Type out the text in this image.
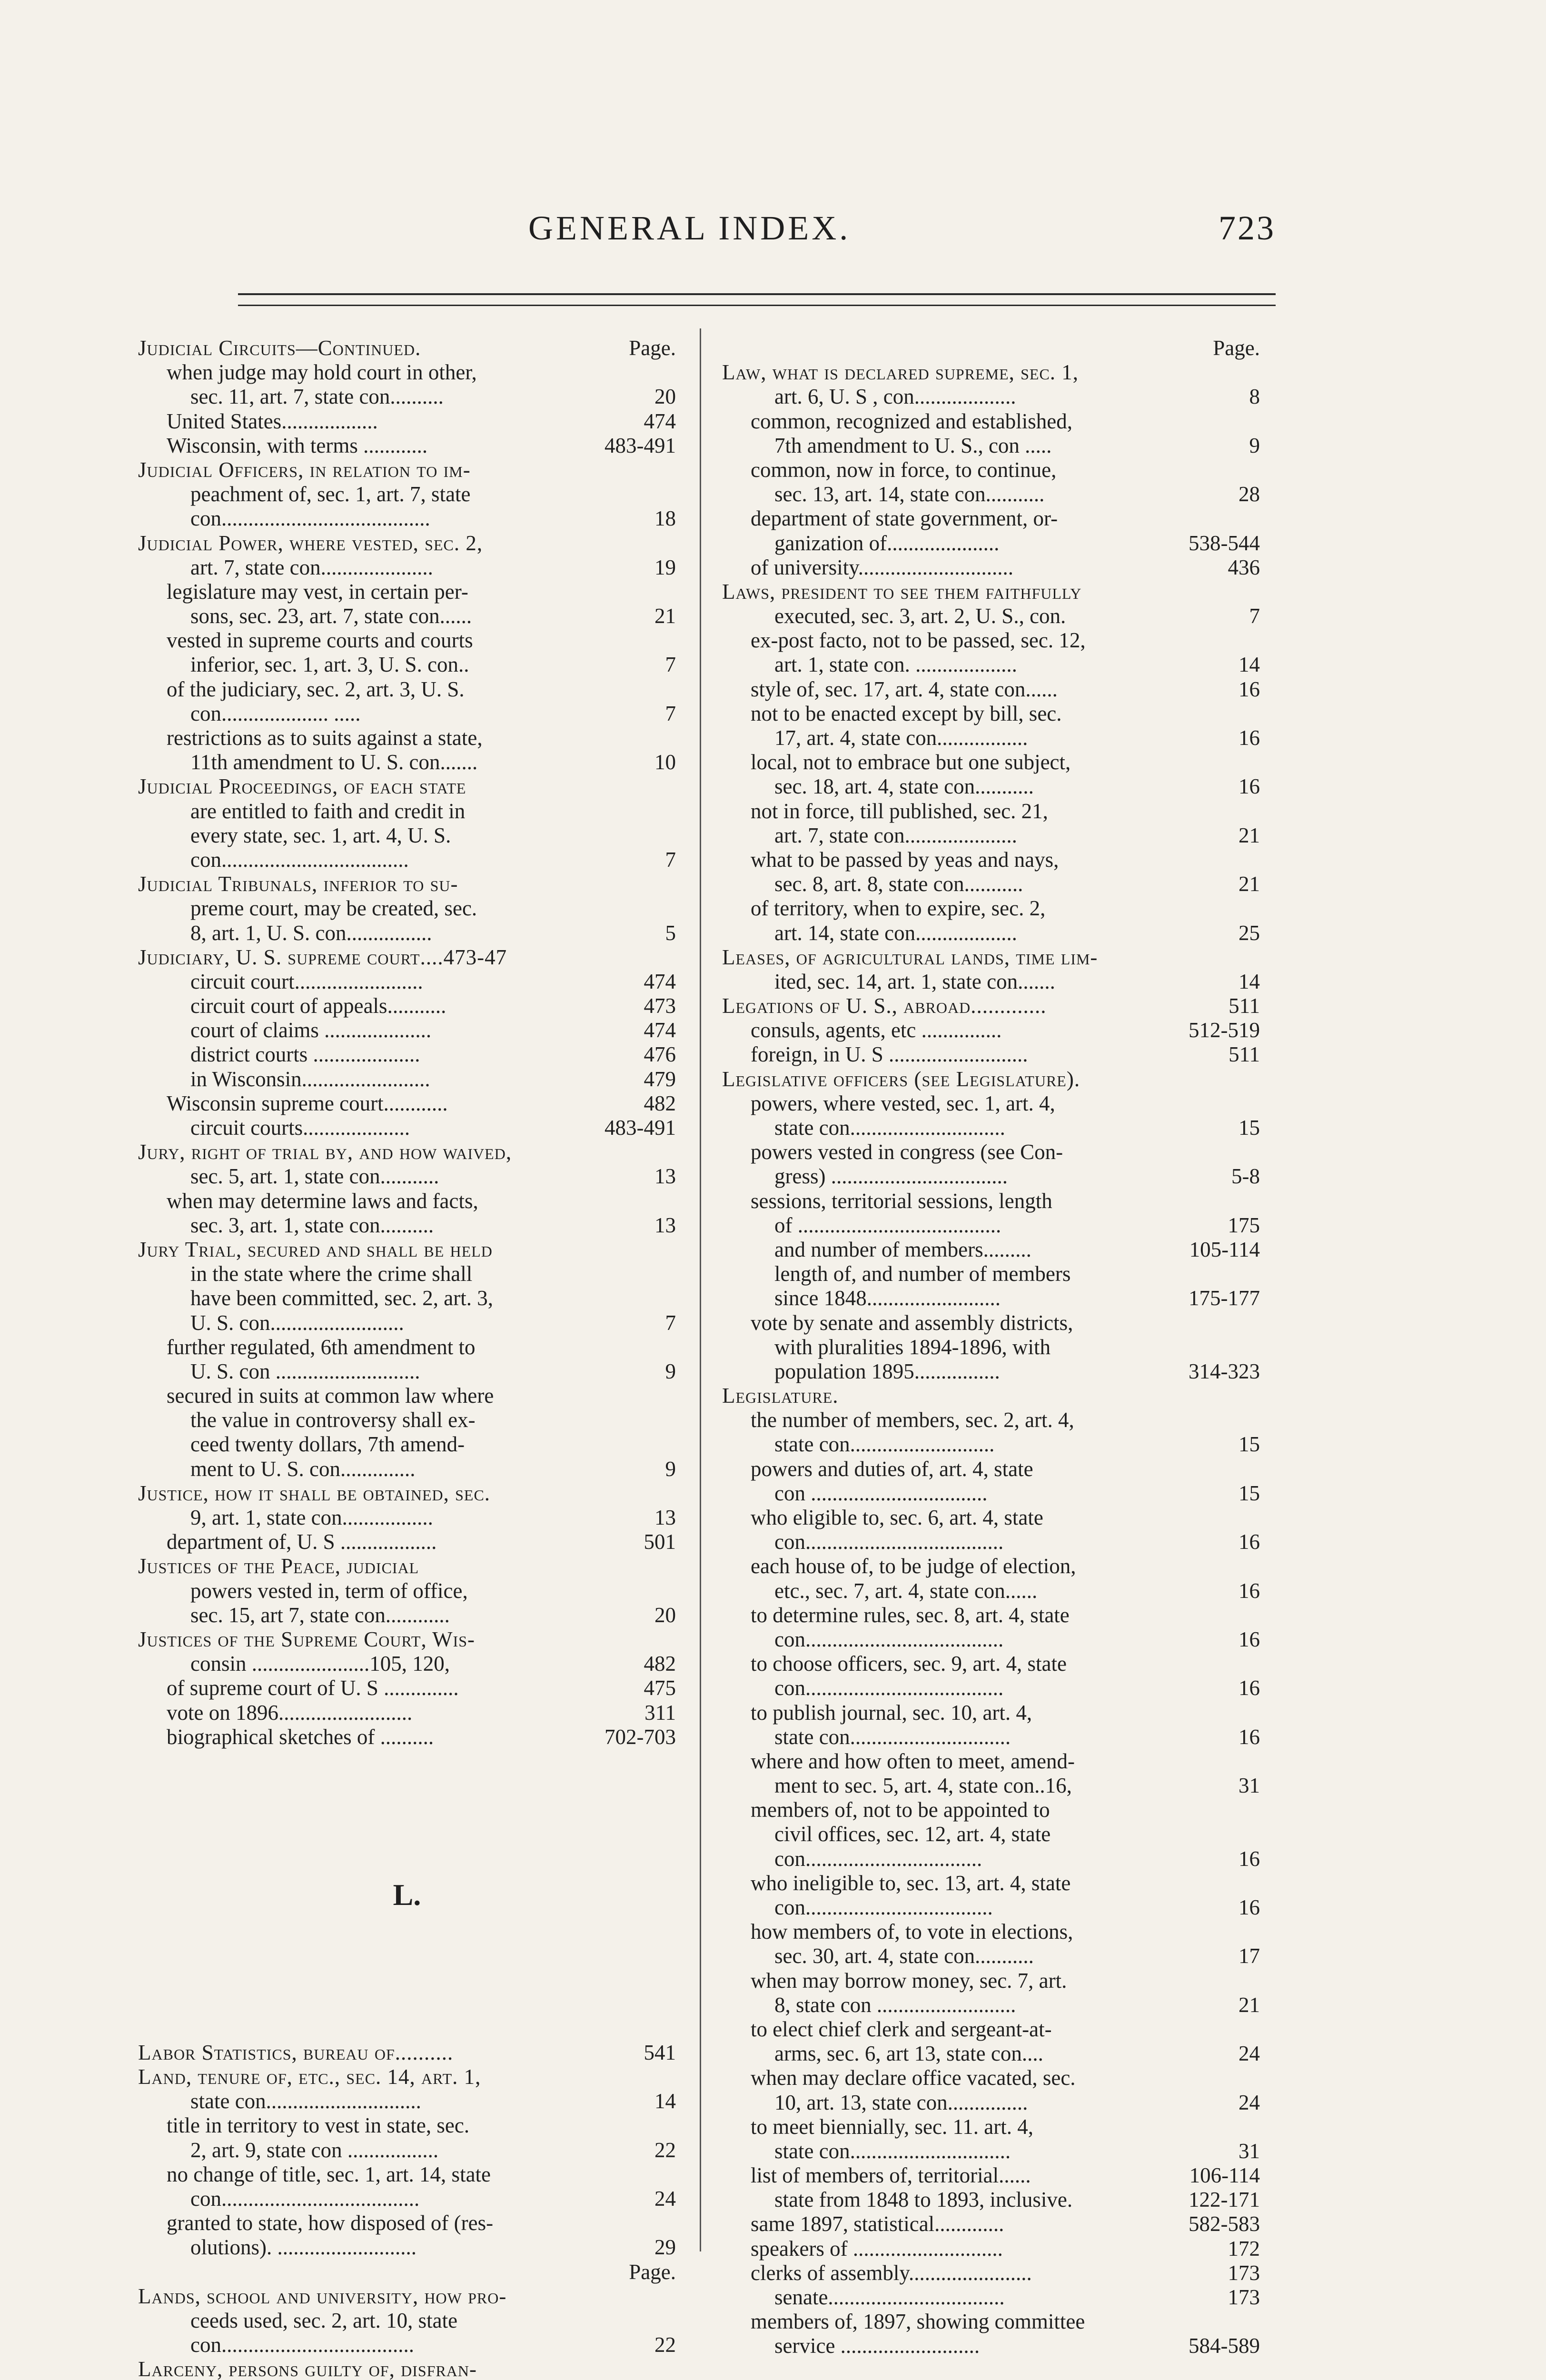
GENERAL INDEX.	723
Judicial Circuits—Continued.	Page.
when judge may hold court in other,
sec. 11, art. 7, state con..........	20
United States..................	474
Wisconsin, with terms ............	483-491
Judicial Officers, in relation to im-
peachment of, sec. 1, art. 7, state
con.......................................	18
Judicial Power, where vested, sec. 2,
art. 7, state con.....................	19
legislature may vest, in certain per-
sons, sec. 23, art. 7, state con......	21
vested in supreme courts and courts
inferior, sec. 1, art. 3, U. S. con..	7
of the judiciary, sec. 2, art. 3, U. S.
con.................... .....	7
restrictions as to suits against a state,
11th amendment to U. S. con.......	10
Judicial Proceedings, of each state
are entitled to faith and credit in
every state, sec. 1, art. 4, U. S.
con...................................	7
Judicial Tribunals, inferior to su-
preme court, may be created, sec.
8, art. 1, U. S. con................	5
Judiciary, U. S. supreme court....473-47
circuit court........................	474
circuit court of appeals...........	473
court of claims ....................	474
district courts ....................	476
in Wisconsin........................	479
Wisconsin supreme court............	482
circuit courts....................	483-491
Jury, right of trial by, and how waived,
sec. 5, art. 1, state con...........	13
when may determine laws and facts,
sec. 3, art. 1, state con..........	13
Jury Trial, secured and shall be held
in the state where the crime shall
have been committed, sec. 2, art. 3,
U. S. con.........................	7
further regulated, 6th amendment to
U. S. con ...........................	9
secured in suits at common law where
the value in controversy shall ex-
ceed twenty dollars, 7th amend-
ment to U. S. con..............	9
Justice, how it shall be obtained, sec.
9, art. 1, state con.................	13
department of, U. S ..................	501
Justices of the Peace, judicial
powers vested in, term of office,
sec. 15, art 7, state con............	20
Justices of the Supreme Court, Wis-
consin ......................105, 120,	482
of supreme court of U. S ..............	475
vote on 1896.........................	311
biographical sketches of ..........	702-703
L.
Labor Statistics, bureau of..........	541
Land, tenure of, etc., sec. 14, art. 1,
state con.............................	14
title in territory to vest in state, sec.
2, art. 9, state con .................	22
no change of title, sec. 1, art. 14, state
con.....................................	24
granted to state, how disposed of (res-
olutions). ..........................	29
Page.
Lands, school and university, how pro-
ceeds used, sec. 2, art. 10, state
con....................................	22
Larceny, persons guilty of, disfran-
Page.
Law, what is declared supreme, sec. 1,
art. 6, U. S , con...................	8
common, recognized and established,
7th amendment to U. S., con .....	9
common, now in force, to continue,
sec. 13, art. 14, state con...........	28
department of state government, or-
ganization of.....................	538-544
of university.............................	436
Laws, president to see them faithfully
executed, sec. 3, art. 2, U. S., con.	7
ex-post facto, not to be passed, sec. 12,
art. 1, state con. ...................	14
style of, sec. 17, art. 4, state con......	16
not to be enacted except by bill, sec.
17, art. 4, state con.................	16
local, not to embrace but one subject,
sec. 18, art. 4, state con...........	16
not in force, till published, sec. 21,
art. 7, state con.....................	21
what to be passed by yeas and nays,
sec. 8, art. 8, state con...........	21
of territory, when to expire, sec. 2,
art. 14, state con...................	25
Leases, of agricultural lands, time lim-
ited, sec. 14, art. 1, state con.......	14
Legations of U. S., abroad.............	511
consuls, agents, etc ...............	512-519
foreign, in U. S ..........................	511
Legislative officers (see Legislature).
powers, where vested, sec. 1, art. 4,
state con.............................	15
powers vested in congress (see Con-
gress) .................................	5-8
sessions, territorial sessions, length
of ......................................	175
and number of members.........	105-114
length of, and number of members
since 1848.........................	175-177
vote by senate and assembly districts,
with pluralities 1894-1896, with
population 1895................	314-323
Legislature.
the number of members, sec. 2, art. 4,
state con...........................	15
powers and duties of, art. 4, state
con .................................	15
who eligible to, sec. 6, art. 4, state
con.....................................	16
each house of, to be judge of election,
etc., sec. 7, art. 4, state con......	16
to determine rules, sec. 8, art. 4, state
con.....................................	16
to choose officers, sec. 9, art. 4, state
con.....................................	16
to publish journal, sec. 10, art. 4,
state con..............................	16
where and how often to meet, amend-
ment to sec. 5, art. 4, state con..16,	31
members of, not to be appointed to
civil offices, sec. 12, art. 4, state
con.................................	16
who ineligible to, sec. 13, art. 4, state
con...................................	16
how members of, to vote in elections,
sec. 30, art. 4, state con...........	17
when may borrow money, sec. 7, art.
8, state con ..........................	21
to elect chief clerk and sergeant-at-
arms, sec. 6, art 13, state con....	24
when may declare office vacated, sec.
10, art. 13, state con...............	24
to meet biennially, sec. 11. art. 4,
state con..............................	31
list of members of, territorial......	106-114
state from 1848 to 1893, inclusive.	122-171
same 1897, statistical.............	582-583
speakers of ............................	172
clerks of assembly.......................	173
senate.................................	173
members of, 1897, showing committee
service ..........................	584-589
